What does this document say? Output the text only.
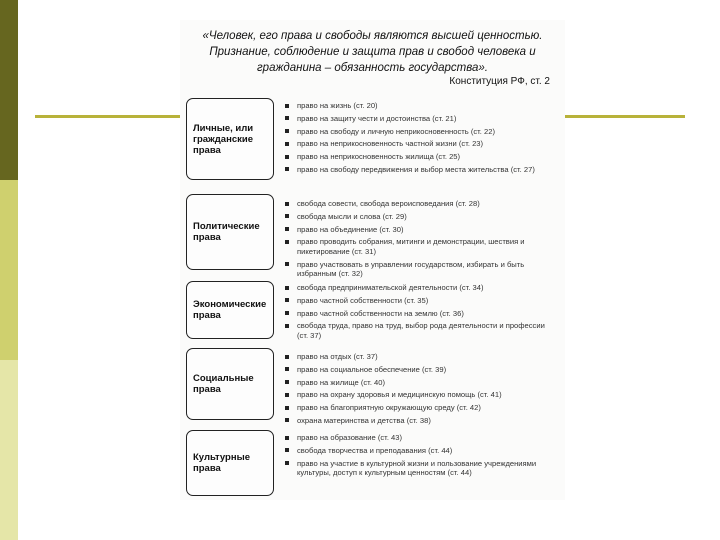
«Человек, его права и свободы являются высшей ценностью. Признание, соблюдение и защита прав и свобод человека и гражданина – обязанность государства».
Конституция РФ, ст. 2
Личные, или гражданские права
право на жизнь (ст. 20)
право на защиту чести и достоинства (ст. 21)
право на свободу и личную неприкосновенность (ст. 22)
право на неприкосновенность частной жизни (ст. 23)
право на неприкосновенность жилища (ст. 25)
право на свободу передвижения и выбор места жительства (ст. 27)
Политические права
свобода совести, свобода вероисповедания (ст. 28)
свобода мысли и слова (ст. 29)
право на объединение (ст. 30)
право проводить собрания, митинги и демонстрации, шествия и пикетирование (ст. 31)
право участвовать в управлении государством, избирать и быть избранным (ст. 32)
Экономические права
свобода предпринимательской деятельности (ст. 34)
право частной собственности (ст. 35)
право частной собственности на землю (ст. 36)
свобода труда, право на труд, выбор рода деятельности и профессии (ст. 37)
Социальные права
право на отдых (ст. 37)
право на социальное обеспечение (ст. 39)
право на жилище (ст. 40)
право на охрану здоровья и медицинскую помощь (ст. 41)
право на благоприятную окружающую среду (ст. 42)
охрана материнства и детства (ст. 38)
Культурные права
право на образование (ст. 43)
свобода творчества и преподавания (ст. 44)
право на участие в культурной жизни и пользование учреждениями культуры, доступ к культурным ценностям (ст. 44)
